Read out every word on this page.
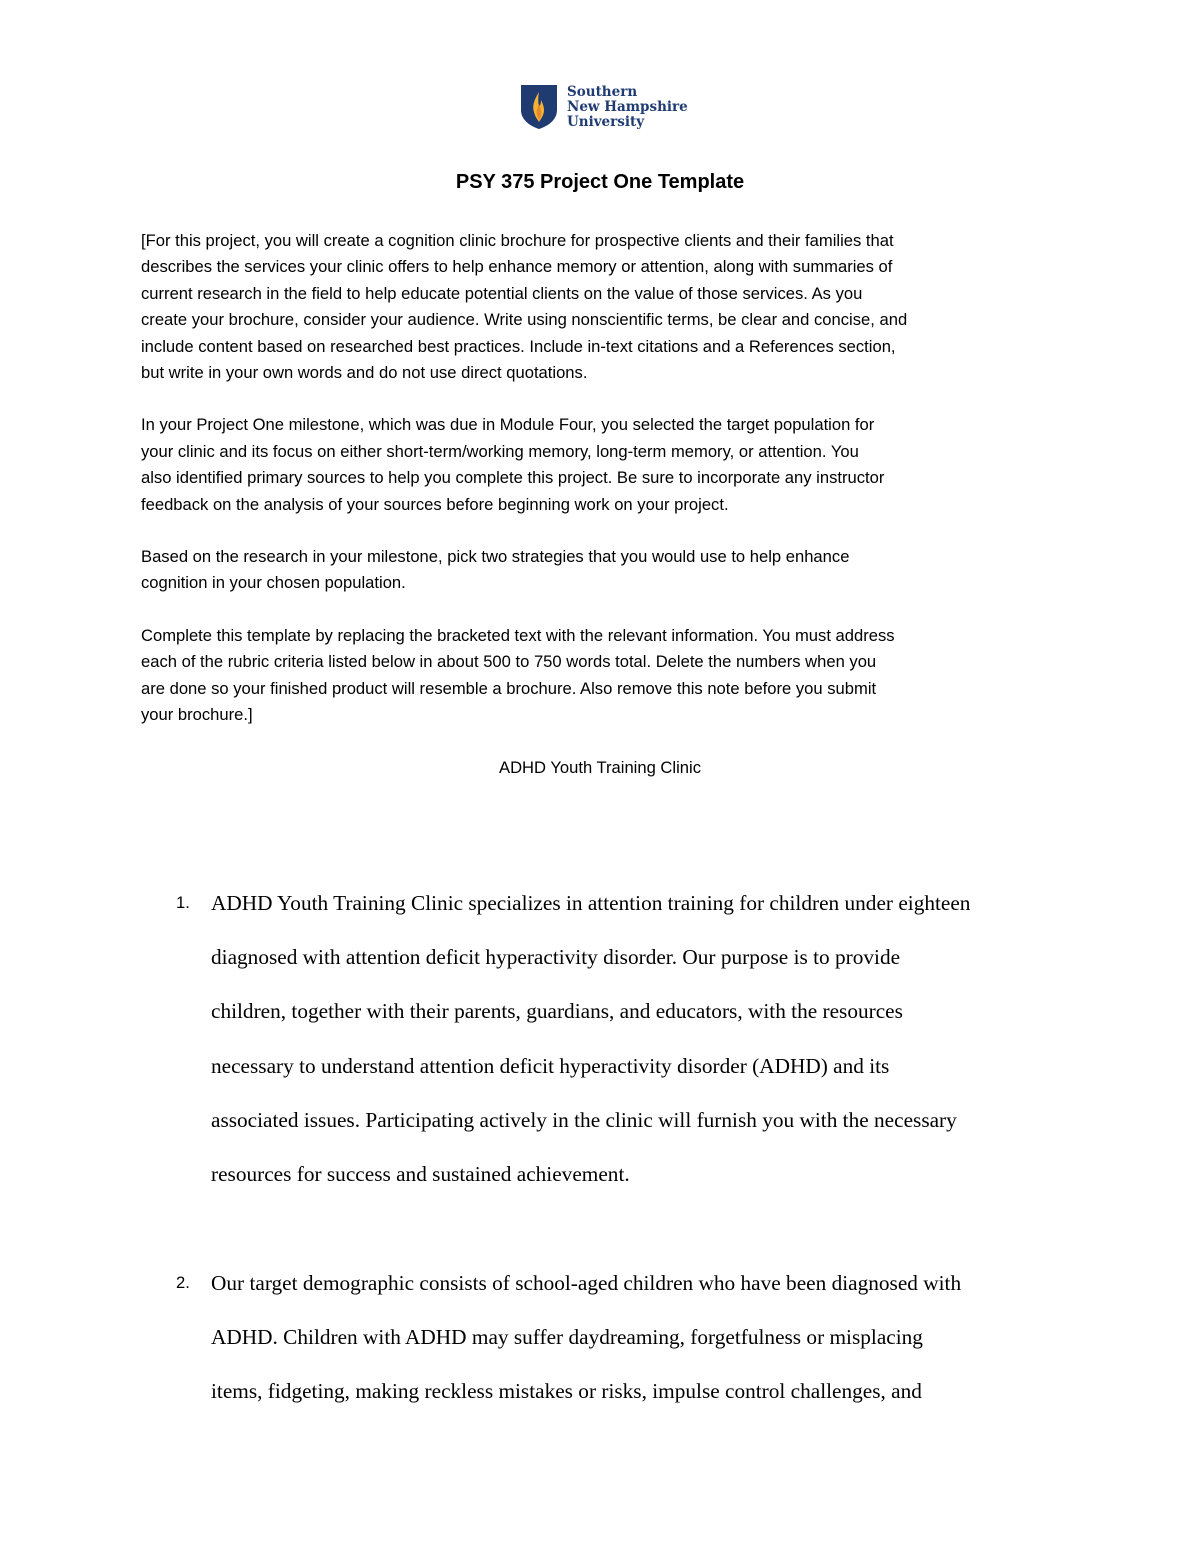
Southern
New Hampshire
University
PSY 375 Project One Template

[For this project, you will create a cognition clinic brochure for prospective clients and their families that
describes the services your clinic offers to help enhance memory or attention, along with summaries of
current research in the field to help educate potential clients on the value of those services. As you
create your brochure, consider your audience. Write using nonscientific terms, be clear and concise, and
include content based on researched best practices. Include in-text citations and a References section,
but write in your own words and do not use direct quotations.

In your Project One milestone, which was due in Module Four, you selected the target population for
your clinic and its focus on either short-term/working memory, long-term memory, or attention. You
also identified primary sources to help you complete this project. Be sure to incorporate any instructor
feedback on the analysis of your sources before beginning work on your project.

Based on the research in your milestone, pick two strategies that you would use to help enhance
cognition in your chosen population.

Complete this template by replacing the bracketed text with the relevant information. You must address
each of the rubric criteria listed below in about 500 to 750 words total. Delete the numbers when you
are done so your finished product will resemble a brochure. Also remove this note before you submit
your brochure.]

ADHD Youth Training Clinic
1. ADHD Youth Training Clinic specializes in attention training for children under eighteen
diagnosed with attention deficit hyperactivity disorder. Our purpose is to provide
children, together with their parents, guardians, and educators, with the resources
necessary to understand attention deficit hyperactivity disorder (ADHD) and its
associated issues. Participating actively in the clinic will furnish you with the necessary
resources for success and sustained achievement.
2. Our target demographic consists of school-aged children who have been diagnosed with
ADHD. Children with ADHD may suffer daydreaming, forgetfulness or misplacing
items, fidgeting, making reckless mistakes or risks, impulse control challenges, and
